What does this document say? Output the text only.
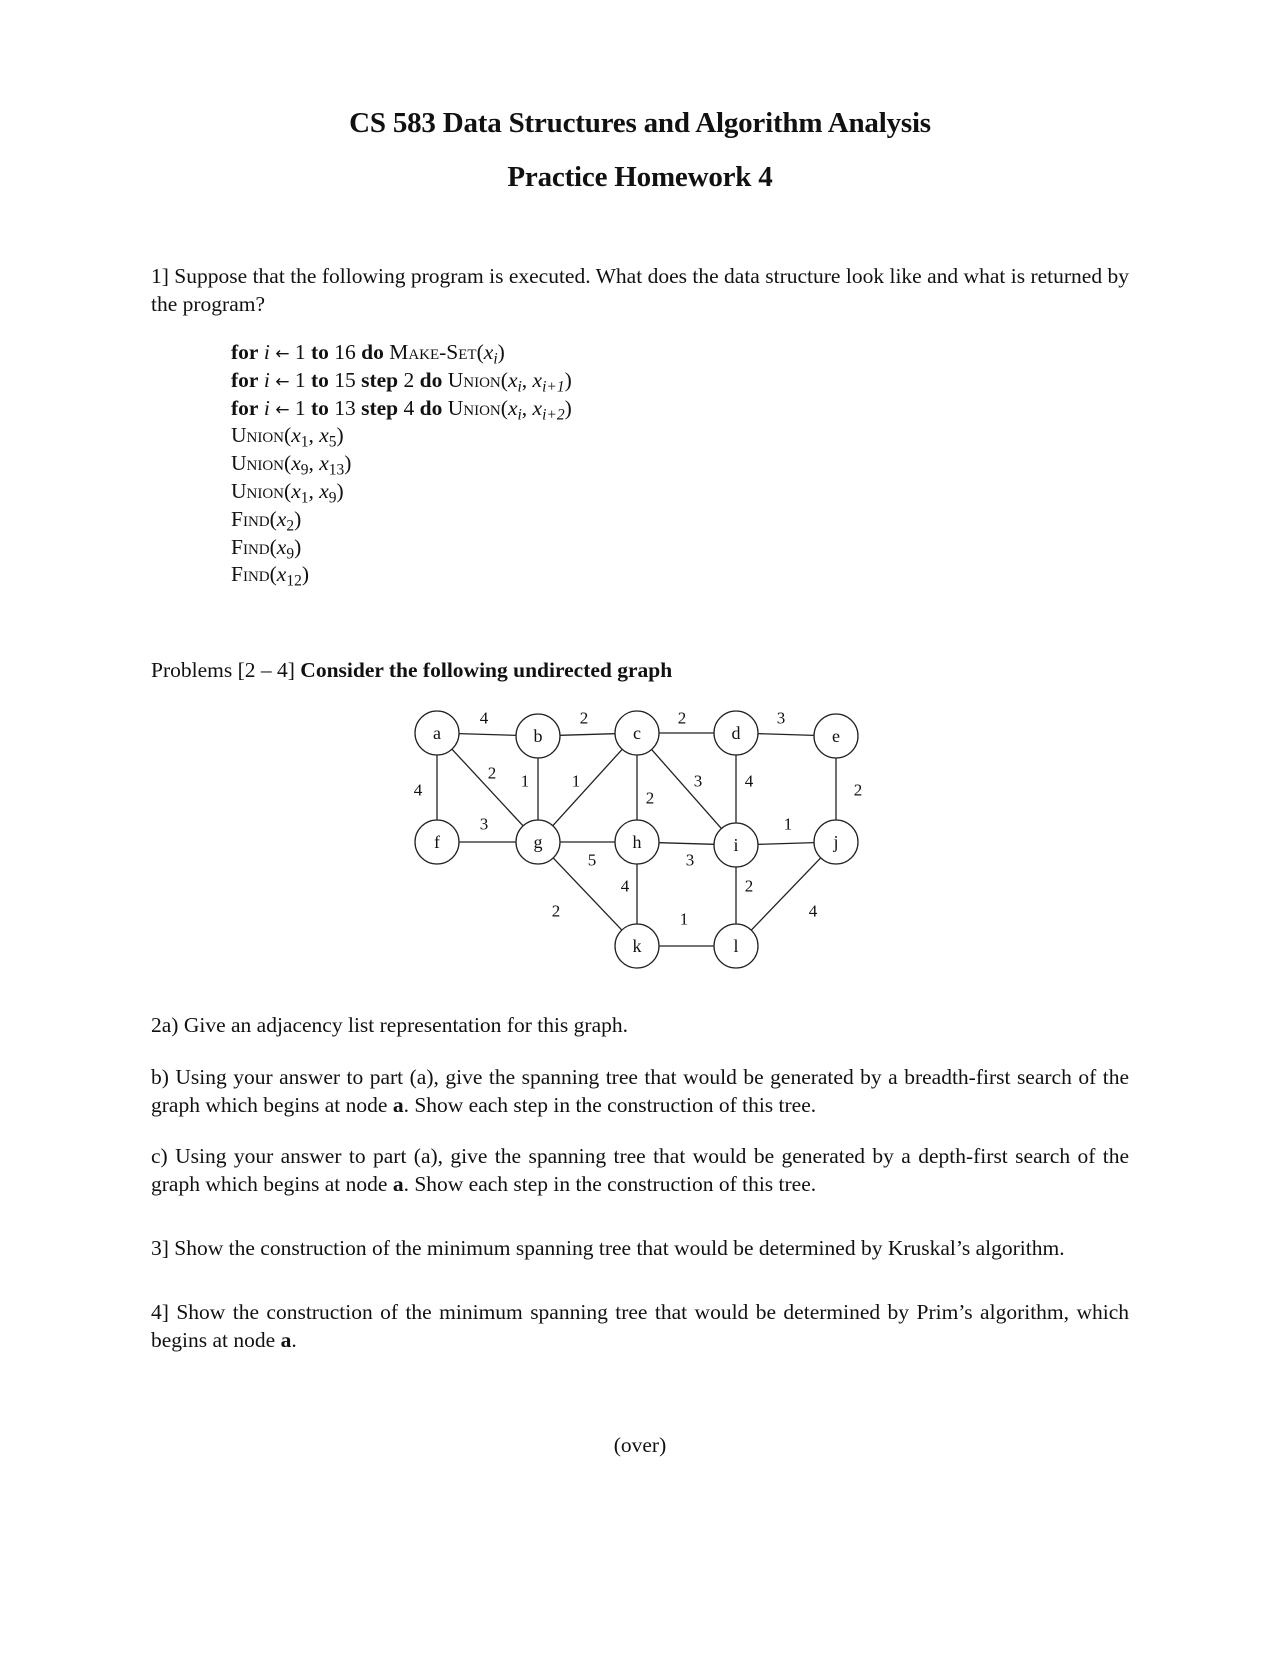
CS 583 Data Structures and Algorithm Analysis
Practice Homework 4
1] Suppose that the following program is executed. What does the data structure look like and what is returned by the program?
for i ← 1 to 16 do Make-$Set(x_i)$
for i ← 1 to 15 step 2 do $Union(x_i$, $x_{i+1}$)
for i ← 1 to 13 step 4 do $Union(x_i$, $x_{i+2}$)
$Union(x_1$, $x_5$)
$Union(x_9$, $x_{13}$)
$Union(x_1$, $x_9$)
$Find(x_2)$
$Find(x_9)$
$Find(x_{12})$
Problems [2 – 4] Consider the following undirected graph
4	2	2	3
4
2 1	1
2
3	4	2
3
5	3
1
2
4	2
1	4
a	b	c	d	e
f	g	h	i	j
k	l
2a) Give an adjacency list representation for this graph.
b) Using your answer to part (a), give the spanning tree that would be generated by a breadth-first search of the graph which begins at node a. Show each step in the construction of this tree.
c) Using your answer to part (a), give the spanning tree that would be generated by a depth-first search of the graph which begins at node a. Show each step in the construction of this tree.
3] Show the construction of the minimum spanning tree that would be determined by Kruskal’s algorithm.
4] Show the construction of the minimum spanning tree that would be determined by Prim’s algorithm, which begins at node a.
(over)
